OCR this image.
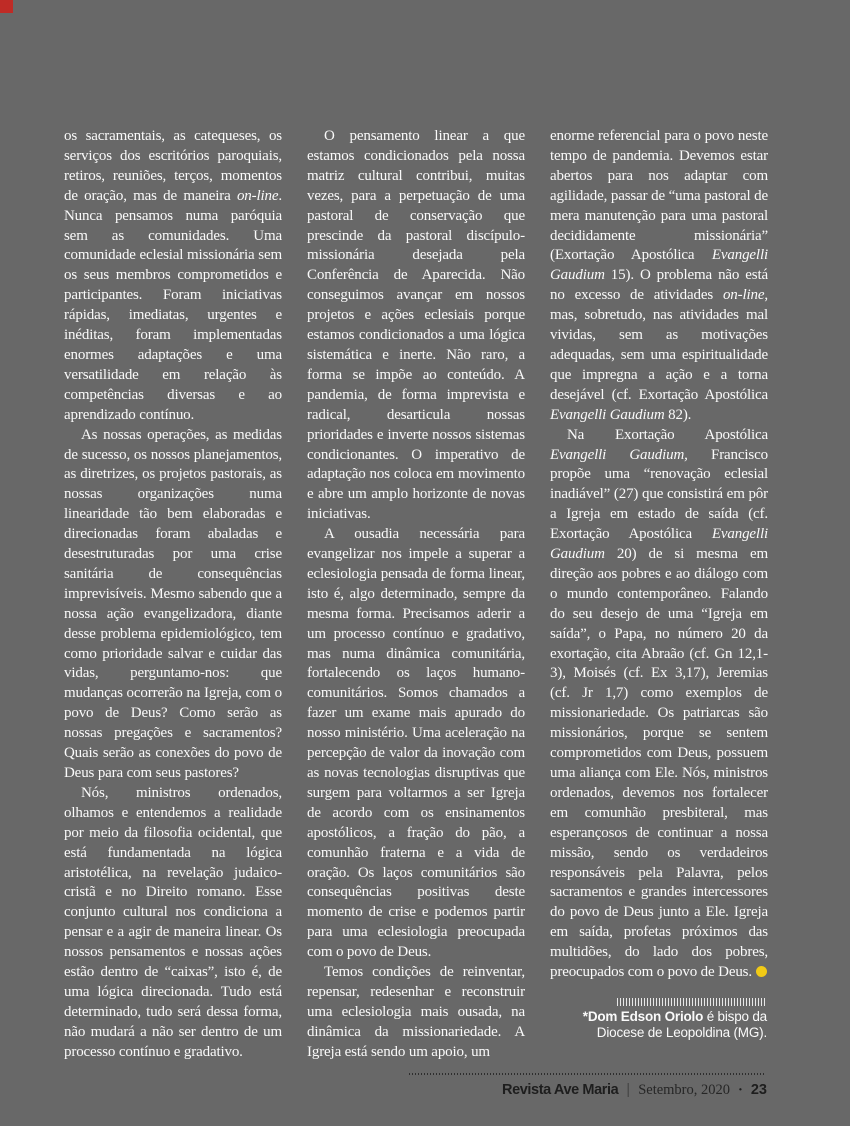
os sacramentais, as catequeses, os serviços dos escritórios paroquiais, retiros, reuniões, terços, momentos de oração, mas de maneira on-line. Nunca pensamos numa paróquia sem as comunidades. Uma comunidade eclesial missionária sem os seus membros comprometidos e participantes. Foram iniciativas rápidas, imediatas, urgentes e inéditas, foram implementadas enormes adaptações e uma versatilidade em relação às competências diversas e ao aprendizado contínuo.

As nossas operações, as medidas de sucesso, os nossos planejamentos, as diretrizes, os projetos pastorais, as nossas organizações numa linearidade tão bem elaboradas e direcionadas foram abaladas e desestruturadas por uma crise sanitária de consequências imprevisíveis. Mesmo sabendo que a nossa ação evangelizadora, diante desse problema epidemiológico, tem como prioridade salvar e cuidar das vidas, perguntamo-nos: que mudanças ocorrerão na Igreja, com o povo de Deus? Como serão as nossas pregações e sacramentos? Quais serão as conexões do povo de Deus para com seus pastores?

Nós, ministros ordenados, olhamos e entendemos a realidade por meio da filosofia ocidental, que está fundamentada na lógica aristotélica, na revelação judaico-cristã e no Direito romano. Esse conjunto cultural nos condiciona a pensar e a agir de maneira linear. Os nossos pensamentos e nossas ações estão dentro de “caixas”, isto é, de uma lógica direcionada. Tudo está determinado, tudo será dessa forma, não mudará a não ser dentro de um processo contínuo e gradativo.

O pensamento linear a que estamos condicionados pela nossa matriz cultural contribui, muitas vezes, para a perpetuação de uma pastoral de conservação que prescinde da pastoral discípulo-missionária desejada pela Conferência de Aparecida. Não conseguimos avançar em nossos projetos e ações eclesiais porque estamos condicionados a uma lógica sistemática e inerte. Não raro, a forma se impõe ao conteúdo. A pandemia, de forma imprevista e radical, desarticula nossas prioridades e inverte nossos sistemas condicionantes. O imperativo de adaptação nos coloca em movimento e abre um amplo horizonte de novas iniciativas.

A ousadia necessária para evangelizar nos impele a superar a eclesiologia pensada de forma linear, isto é, algo determinado, sempre da mesma forma. Precisamos aderir a um processo contínuo e gradativo, mas numa dinâmica comunitária, fortalecendo os laços humano-comunitários. Somos chamados a fazer um exame mais apurado do nosso ministério. Uma aceleração na percepção de valor da inovação com as novas tecnologias disruptivas que surgem para voltarmos a ser Igreja de acordo com os ensinamentos apostólicos, a fração do pão, a comunhão fraterna e a vida de oração. Os laços comunitários são consequências positivas deste momento de crise e podemos partir para uma eclesiologia preocupada com o povo de Deus.

Temos condições de reinventar, repensar, redesenhar e reconstruir uma eclesiologia mais ousada, na dinâmica da missionariedade. A Igreja está sendo um apoio, um

enorme referencial para o povo neste tempo de pandemia. Devemos estar abertos para nos adaptar com agilidade, passar de “uma pastoral de mera manutenção para uma pastoral decididamente missionária” (Exortação Apostólica Evangelli Gaudium 15). O problema não está no excesso de atividades on-line, mas, sobretudo, nas atividades mal vividas, sem as motivações adequadas, sem uma espiritualidade que impregna a ação e a torna desejável (cf. Exortação Apostólica Evangelli Gaudium 82).

Na Exortação Apostólica Evangelli Gaudium, Francisco propõe uma “renovação eclesial inadiável” (27) que consistirá em pôr a Igreja em estado de saída (cf. Exortação Apostólica Evangelli Gaudium 20) de si mesma em direção aos pobres e ao diálogo com o mundo contemporâneo. Falando do seu desejo de uma “Igreja em saída”, o Papa, no número 20 da exortação, cita Abraão (cf. Gn 12,1-3), Moisés (cf. Ex 3,17), Jeremias (cf. Jr 1,7) como exemplos de missionariedade. Os patriarcas são missionários, porque se sentem comprometidos com Deus, possuem uma aliança com Ele. Nós, ministros ordenados, devemos nos fortalecer em comunhão presbiteral, mas esperançosos de continuar a nossa missão, sendo os verdadeiros responsáveis pela Palavra, pelos sacramentos e grandes intercessores do povo de Deus junto a Ele. Igreja em saída, profetas próximos das multidões, do lado dos pobres, preocupados com o povo de Deus.

*Dom Edson Oriolo é bispo da
Diocese de Leopoldina (MG).
Revista Ave Maria | Setembro, 2020 · 23
